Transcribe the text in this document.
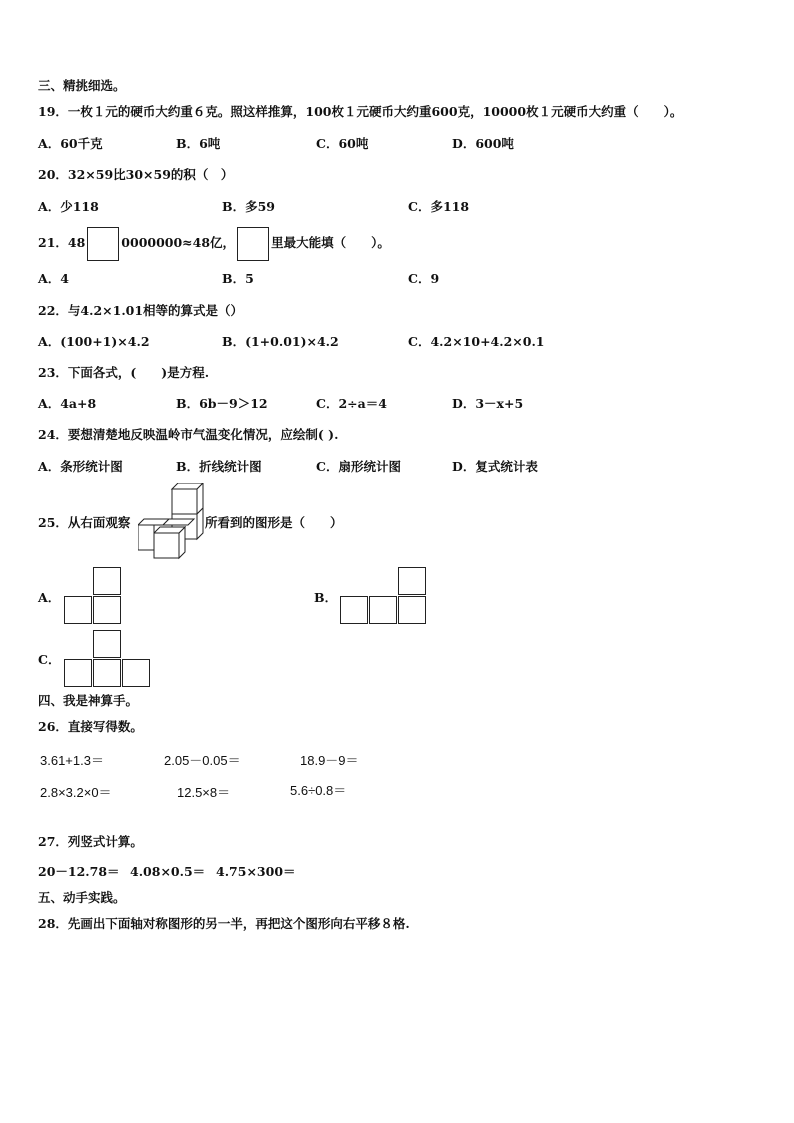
三、精挑细选。
19．一枚１元的硬币大约重６克。照这样推算，100枚１元硬币大约重600克，10000枚１元硬币大约重（　　）。
A．60千克	B．6吨	C．60吨	D．600吨
20．32×59比30×59的积（　）
A．少118	B．多59	C．多118
21．48	0000000≈48亿，	里最大能填（　　）。
A．4	B．5	C．9
22．与4.2×1.01相等的算式是（）
A．(100+1)×4.2	B．(1+0.01)×4.2	C．4.2×10+4.2×0.1
23．下面各式，(　　)是方程.
A．4a+8	B．6b－9＞12	C．2÷a＝4	D．3－x+5
24．要想清楚地反映温岭市气温变化情况，应绘制( ).
A．条形统计图	B．折线统计图	C．扇形统计图	D．复式统计表
25．从右面观察	所看到的图形是（　　）
A．	B．
C．
四、我是神算手。
26．直接写得数。
3.61+1.3＝	2.05－0.05＝	18.9－9＝
2.8×3.2×0＝	12.5×8＝	5.6÷0.8＝
27．列竖式计算。
20－12.78＝ 4.08×0.5＝ 4.75×300＝
五、动手实践。
28．先画出下面轴对称图形的另一半，再把这个图形向右平移８格.
